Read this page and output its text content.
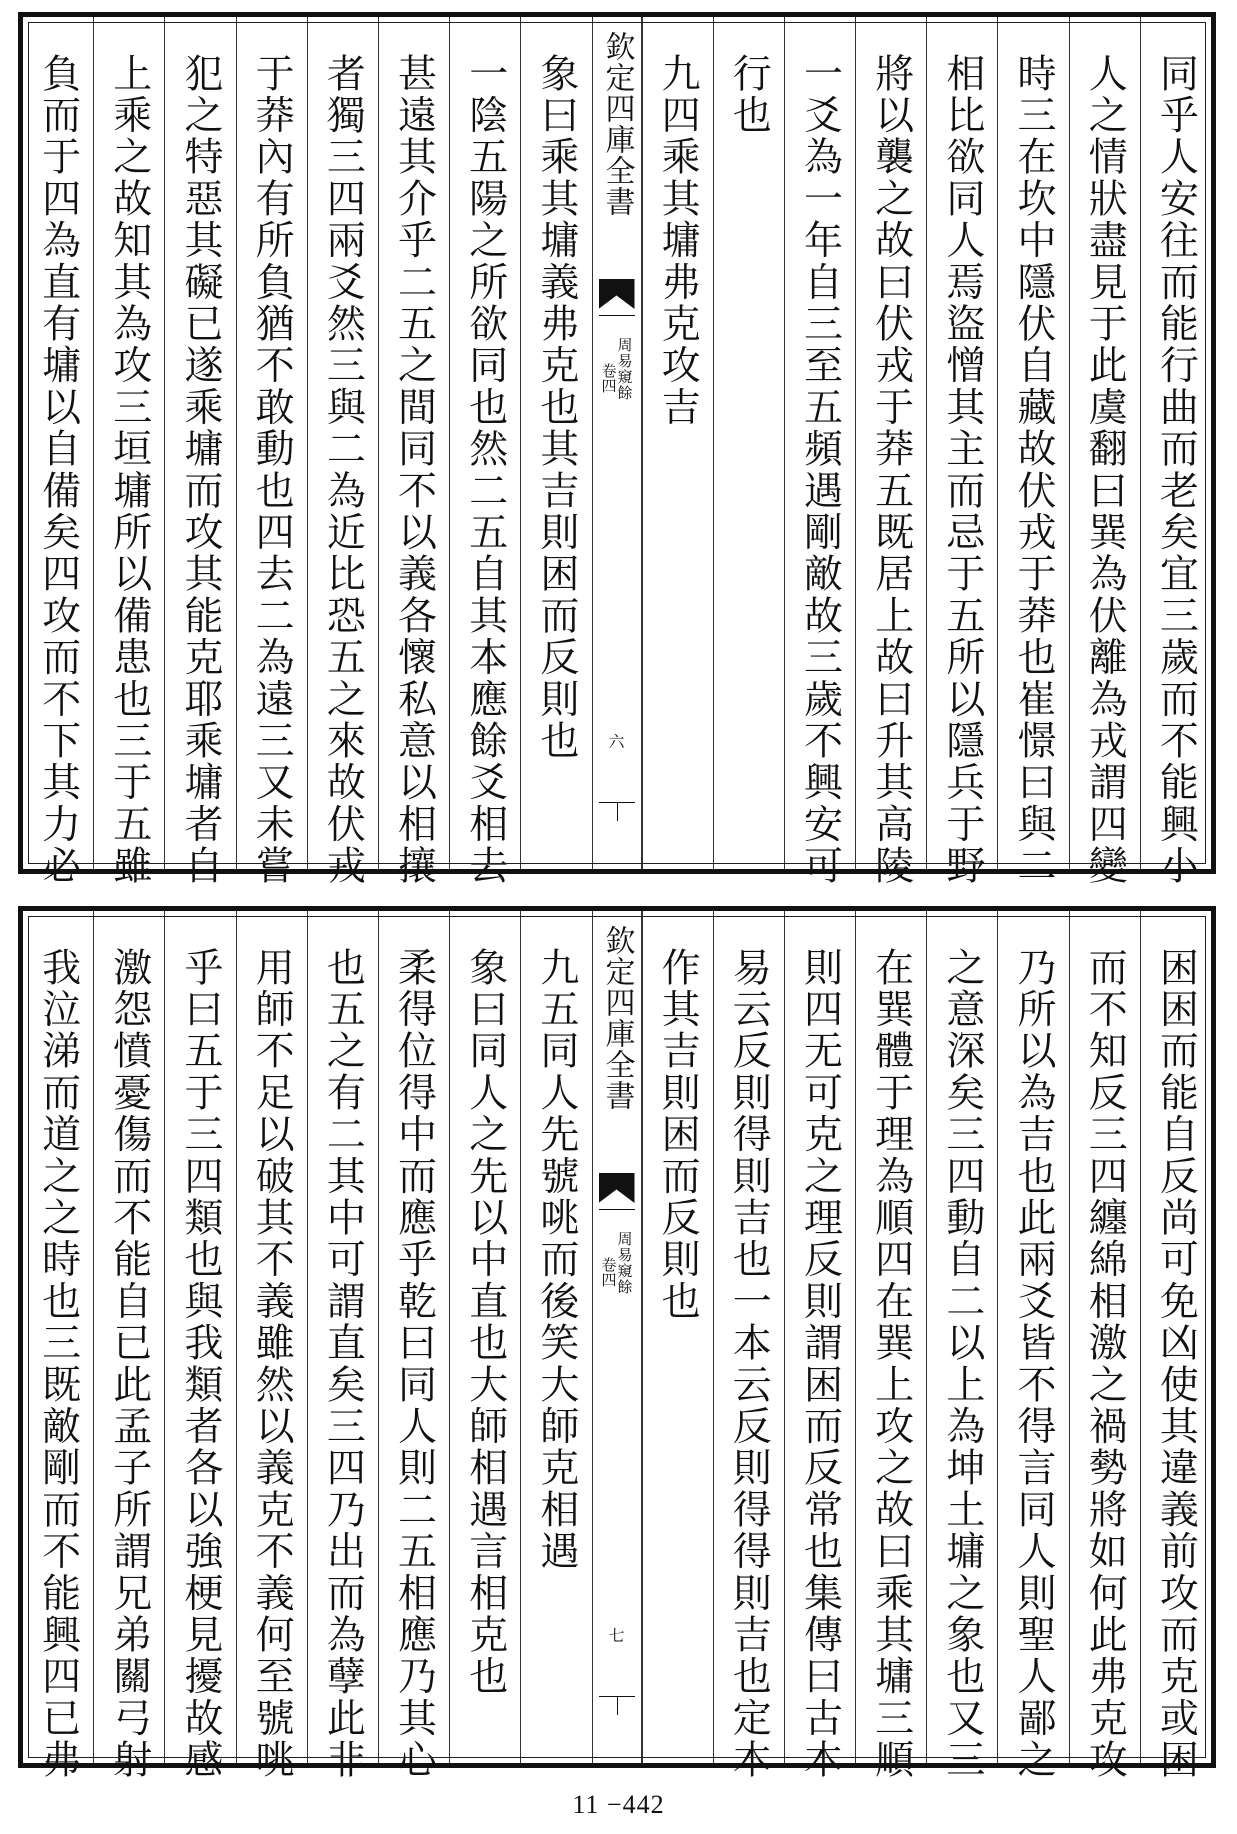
同乎人安往而能行曲而老矣宜三歲而不能興小
人之情狀盡見于此虞翻曰巽為伏離為戎謂四變
時三在坎中隱伏自藏故伏戎于莽也崔憬曰與二
相比欲同人焉盜憎其主而忌于五所以隱兵于野
將以襲之故曰伏戎于莽五既居上故曰升其高陵
一爻為一年自三至五頻遇剛敵故三歲不興安可
行也
九四乘其墉弗克攻吉
欽定四庫全書
周易窺餘
卷四
六
象曰乘其墉義弗克也其吉則困而反則也
一陰五陽之所欲同也然二五自其本應餘爻相去
甚遠其介乎二五之間同不以義各懷私意以相攘
者獨三四兩爻然三與二為近比恐五之來故伏戎
于莽內有所負猶不敢動也四去二為遠三又未嘗
犯之特惡其礙已遂乘墉而攻其能克耶乘墉者自
上乘之故知其為攻三垣墉所以備患也三于五雖
負而于四為直有墉以自備矣四攻而不下其力必
困困而能自反尚可免凶使其違義前攻而克或困
而不知反三四纏綿相激之禍勢將如何此弗克攻
乃所以為吉也此兩爻皆不得言同人則聖人鄙之
之意深矣三四動自二以上為坤土墉之象也又三
在巽體于理為順四在巽上攻之故曰乘其墉三順
則四无可克之理反則謂困而反常也集傳曰古本
易云反則得則吉也一本云反則得得則吉也定本
作其吉則困而反則也
欽定四庫全書
周易窺餘
卷四
七
九五同人先號咷而後笑大師克相遇
象曰同人之先以中直也大師相遇言相克也
柔得位得中而應乎乾曰同人則二五相應乃其心
也五之有二其中可謂直矣三四乃出而為孽此非
用師不足以破其不義雖然以義克不義何至號咷
乎曰五于三四類也與我類者各以強梗見擾故感
激怨憤憂傷而不能自已此孟子所謂兄弟關弓射
我泣涕而道之之時也三既敵剛而不能興四已弗
11 −442
